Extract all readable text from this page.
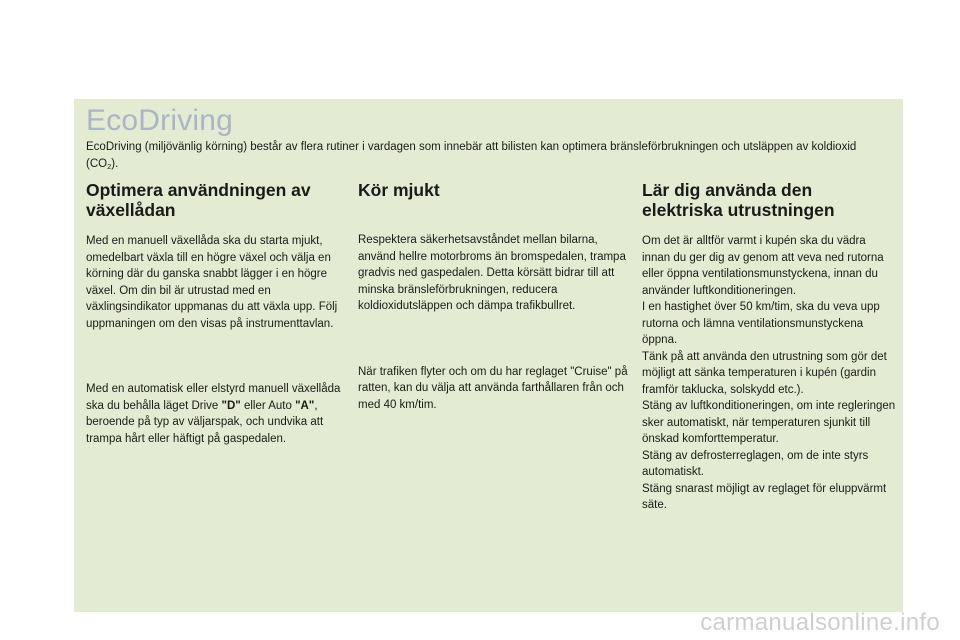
EcoDriving

EcoDriving (miljövänlig körning) består av flera rutiner i vardagen som innebär att bilisten kan optimera bränsleförbrukningen och utsläppen av koldioxid $(CO_2)$.

Optimera användningen av växellådan

Med en manuell växellåda ska du starta mjukt, omedelbart växla till en högre växel och välja en körning där du ganska snabbt lägger i en högre växel. Om din bil är utrustad med en växlingsindikator uppmanas du att växla upp. Följ uppmaningen om den visas på instrumenttavlan.

Med en automatisk eller elstyrd manuell växellåda ska du behålla läget Drive "D" eller Auto "A", beroende på typ av väljarspak, och undvika att trampa hårt eller häftigt på gaspedalen.

Kör mjukt

Respektera säkerhetsavståndet mellan bilarna, använd hellre motorbroms än bromspedalen, trampa gradvis ned gaspedalen. Detta körsätt bidrar till att minska bränsleförbrukningen, reducera koldioxidutsläppen och dämpa trafikbullret.

När trafiken flyter och om du har reglaget "Cruise" på ratten, kan du välja att använda farthållaren från och med 40 km/tim.

Lär dig använda den elektriska utrustningen

Om det är alltför varmt i kupén ska du vädra innan du ger dig av genom att veva ned rutorna eller öppna ventilationsmunstyckena, innan du använder luftkonditioneringen.
I en hastighet över 50 km/tim, ska du veva upp rutorna och lämna ventilationsmunstyckena öppna.
Tänk på att använda den utrustning som gör det möjligt att sänka temperaturen i kupén (gardin framför taklucka, solskydd etc.).
Stäng av luftkonditioneringen, om inte regleringen sker automatiskt, när temperaturen sjunkit till önskad komforttemperatur.
Stäng av defrosterreglagen, om de inte styrs automatiskt.
Stäng snarast möjligt av reglaget för eluppvärmt säte.

carmanualsonline.info
